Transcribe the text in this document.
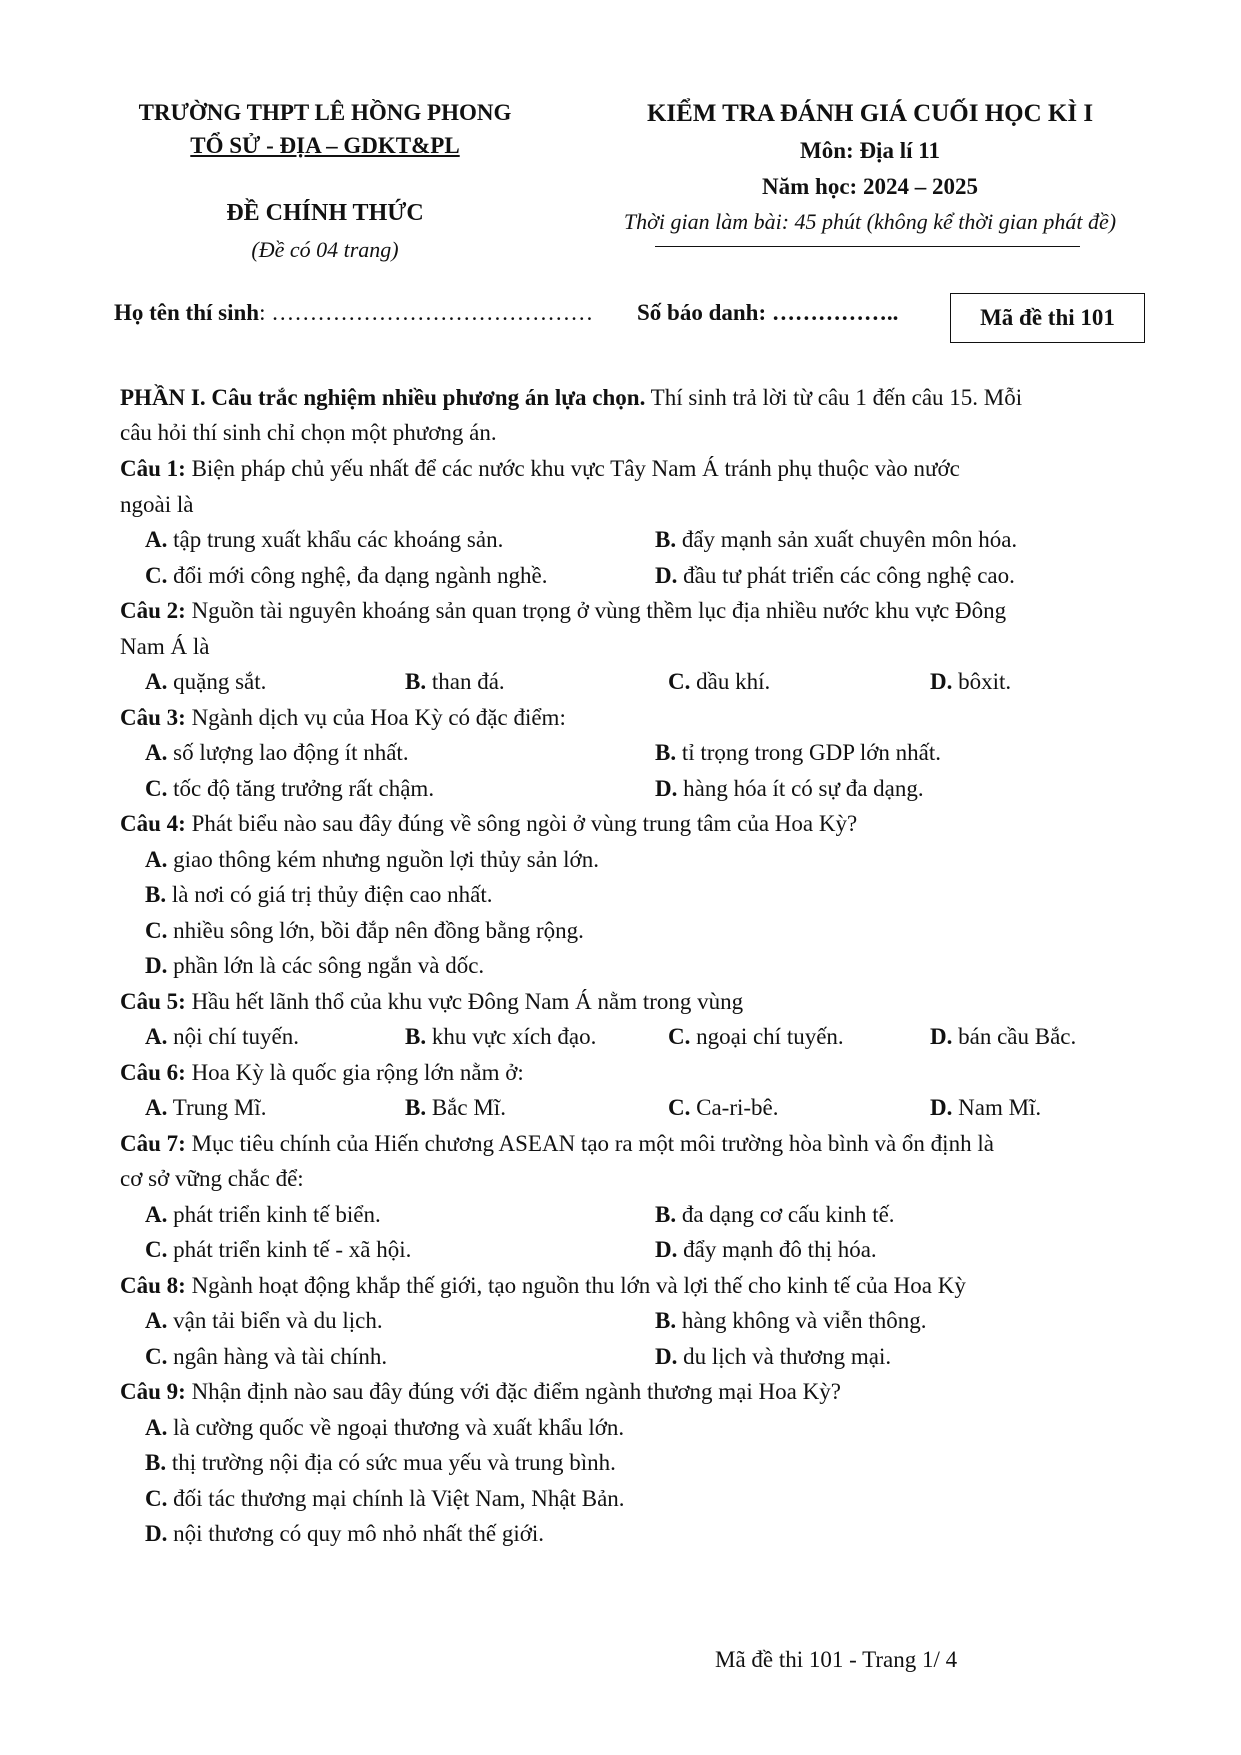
TRƯỜNG THPT LÊ HỒNG PHONG
TỔ SỬ - ĐỊA – GDKT&PL
ĐỀ CHÍNH THỨC
(Đề có 04 trang)
KIỂM TRA ĐÁNH GIÁ CUỐI HỌC KÌ I
Môn: Địa lí 11
Năm học: 2024 – 2025
Thời gian làm bài: 45 phút (không kể thời gian phát đề)
Họ tên thí sinh: …………………………………… Số báo danh: ……………..	Mã đề thi 101
PHẦN I. Câu trắc nghiệm nhiều phương án lựa chọn. Thí sinh trả lời từ câu 1 đến câu 15. Mỗi
câu hỏi thí sinh chỉ chọn một phương án.
Câu 1: Biện pháp chủ yếu nhất để các nước khu vực Tây Nam Á tránh phụ thuộc vào nước
ngoài là
A. tập trung xuất khẩu các khoáng sản.	B. đẩy mạnh sản xuất chuyên môn hóa.
C. đổi mới công nghệ, đa dạng ngành nghề.	D. đầu tư phát triển các công nghệ cao.
Câu 2: Nguồn tài nguyên khoáng sản quan trọng ở vùng thềm lục địa nhiều nước khu vực Đông
Nam Á là
A. quặng sắt.	B. than đá.	C. dầu khí.	D. bôxit.
Câu 3: Ngành dịch vụ của Hoa Kỳ có đặc điểm:
A. số lượng lao động ít nhất.	B. tỉ trọng trong GDP lớn nhất.
C. tốc độ tăng trưởng rất chậm.	D. hàng hóa ít có sự đa dạng.
Câu 4: Phát biểu nào sau đây đúng về sông ngòi ở vùng trung tâm của Hoa Kỳ?
A. giao thông kém nhưng nguồn lợi thủy sản lớn.
B. là nơi có giá trị thủy điện cao nhất.
C. nhiều sông lớn, bồi đắp nên đồng bằng rộng.
D. phần lớn là các sông ngắn và dốc.
Câu 5: Hầu hết lãnh thổ của khu vực Đông Nam Á nằm trong vùng
A. nội chí tuyến.	B. khu vực xích đạo.	C. ngoại chí tuyến.	D. bán cầu Bắc.
Câu 6: Hoa Kỳ là quốc gia rộng lớn nằm ở:
A. Trung Mĩ.	B. Bắc Mĩ.	C. Ca-ri-bê.	D. Nam Mĩ.
Câu 7: Mục tiêu chính của Hiến chương ASEAN tạo ra một môi trường hòa bình và ổn định là
cơ sở vững chắc để:
A. phát triển kinh tế biển.	B. đa dạng cơ cấu kinh tế.
C. phát triển kinh tế - xã hội.	D. đẩy mạnh đô thị hóa.
Câu 8: Ngành hoạt động khắp thế giới, tạo nguồn thu lớn và lợi thế cho kinh tế của Hoa Kỳ
A. vận tải biển và du lịch.	B. hàng không và viễn thông.
C. ngân hàng và tài chính.	D. du lịch và thương mại.
Câu 9: Nhận định nào sau đây đúng với đặc điểm ngành thương mại Hoa Kỳ?
A. là cường quốc về ngoại thương và xuất khẩu lớn.
B. thị trường nội địa có sức mua yếu và trung bình.
C. đối tác thương mại chính là Việt Nam, Nhật Bản.
D. nội thương có quy mô nhỏ nhất thế giới.
Mã đề thi 101 - Trang 1/ 4
